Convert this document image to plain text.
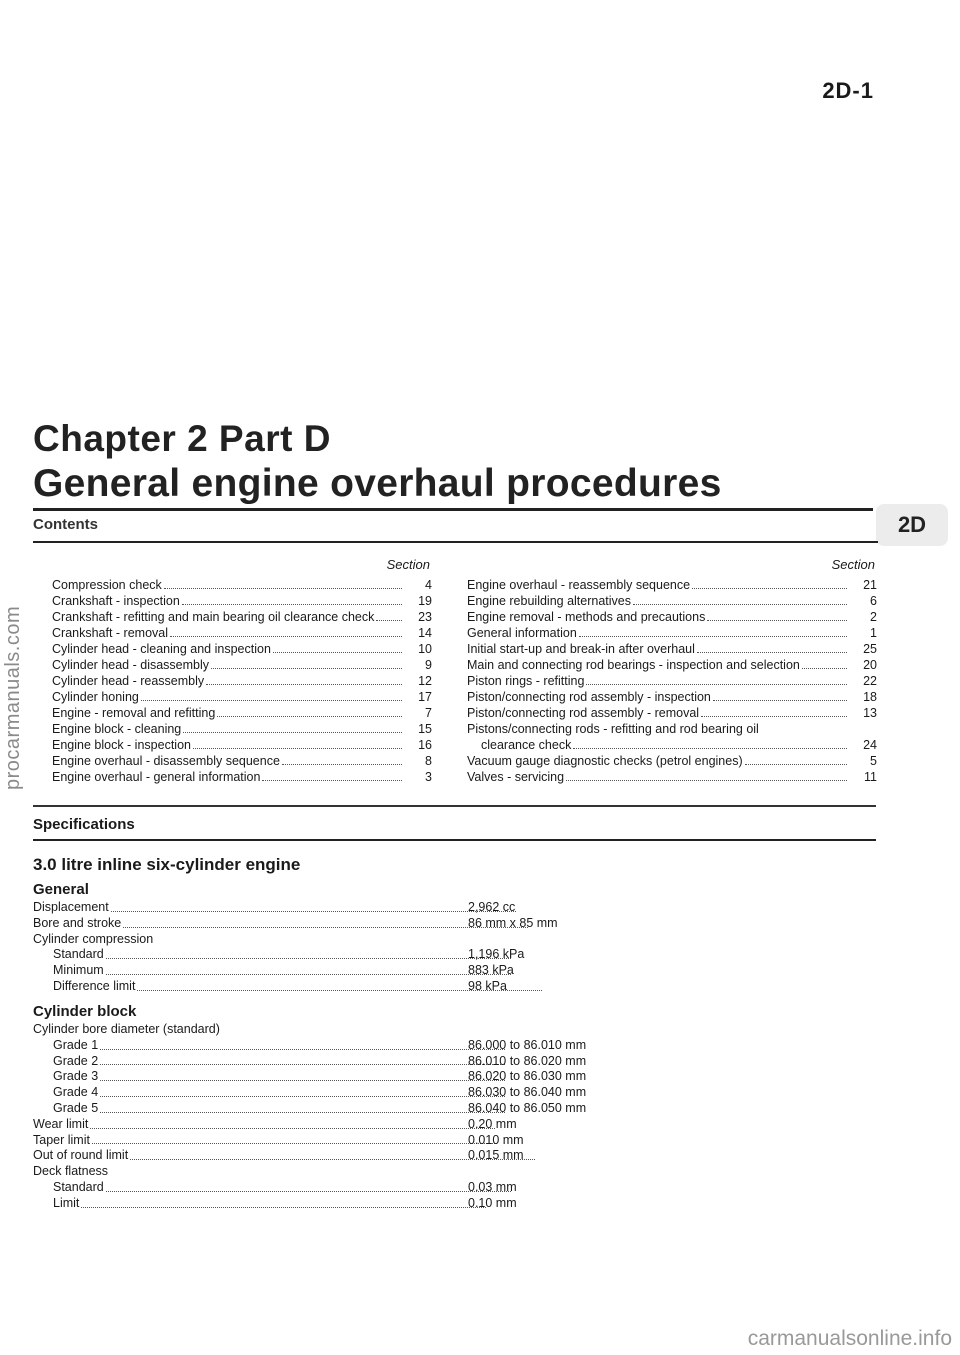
2D-1
Chapter 2 Part D
General engine overhaul procedures
Contents	2D
Section
Compression check	4
Crankshaft - inspection	19
Crankshaft - refitting and main bearing oil clearance check	23
Crankshaft - removal	14
Cylinder head - cleaning and inspection	10
Cylinder head - disassembly	9
Cylinder head - reassembly	12
Cylinder honing	17
Engine - removal and refitting	7
Engine block - cleaning	15
Engine block - inspection	16
Engine overhaul - disassembly sequence	8
Engine overhaul - general information	3
Section
Engine overhaul - reassembly sequence	21
Engine rebuilding alternatives	6
Engine removal - methods and precautions	2
General information	1
Initial start-up and break-in after overhaul	25
Main and connecting rod bearings - inspection and selection	20
Piston rings - refitting	22
Piston/connecting rod assembly - inspection	18
Piston/connecting rod assembly - removal	13
Pistons/connecting rods - refitting and rod bearing oil
clearance check	24
Vacuum gauge diagnostic checks (petrol engines)	5
Valves - servicing	11
Specifications
3.0 litre inline six-cylinder engine
General
Displacement	2,962 cc
Bore and stroke	86 mm x 85 mm
Cylinder compression
Standard	1,196 kPa
Minimum	883 kPa
Difference limit	98 kPa
Cylinder block
Cylinder bore diameter (standard)
Grade 1	86.000 to 86.010 mm
Grade 2	86.010 to 86.020 mm
Grade 3	86.020 to 86.030 mm
Grade 4	86.030 to 86.040 mm
Grade 5	86.040 to 86.050 mm
Wear limit	0.20 mm
Taper limit	0.010 mm
Out of round limit	0.015 mm
Deck flatness
Standard	0.03 mm
Limit	0.10 mm
procarmanuals.com
carmanualsonline.info
